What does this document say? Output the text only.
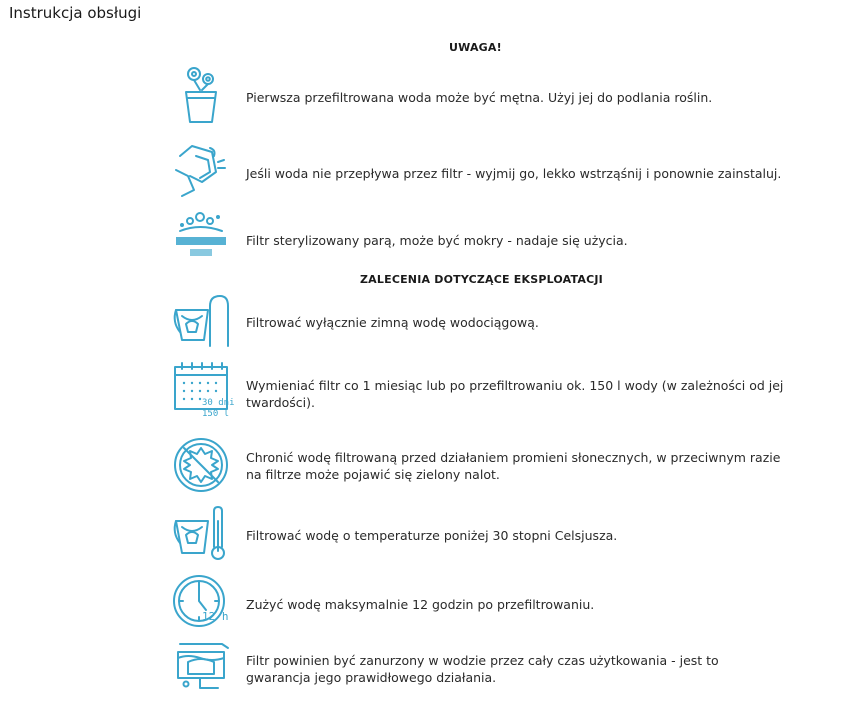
Instrukcja obsługi
UWAGA!
Pierwsza przefiltrowana woda może być mętna. Użyj jej do podlania roślin.
Jeśli woda nie przepływa przez filtr - wyjmij go, lekko wstrząśnij i ponownie zainstaluj.
Filtr sterylizowany parą, może być mokry - nadaje się użycia.
ZALECENIA DOTYCZĄCE EKSPLOATACJI
Filtrować wyłącznie zimną wodę wodociągową.
30 dni
150 l
Wymieniać filtr co 1 miesiąc lub po przefiltrowaniu ok. 150 l wody (w zależności od jej twardości).
Chronić wodę filtrowaną przed działaniem promieni słonecznych, w przeciwnym razie na filtrze może pojawić się zielony nalot.
Filtrować wodę o temperaturze poniżej 30 stopni Celsjusza.
12 h
Zużyć wodę maksymalnie 12 godzin po przefiltrowaniu.
Filtr powinien być zanurzony w wodzie przez cały czas użytkowania - jest to gwarancja jego prawidłowego działania.
